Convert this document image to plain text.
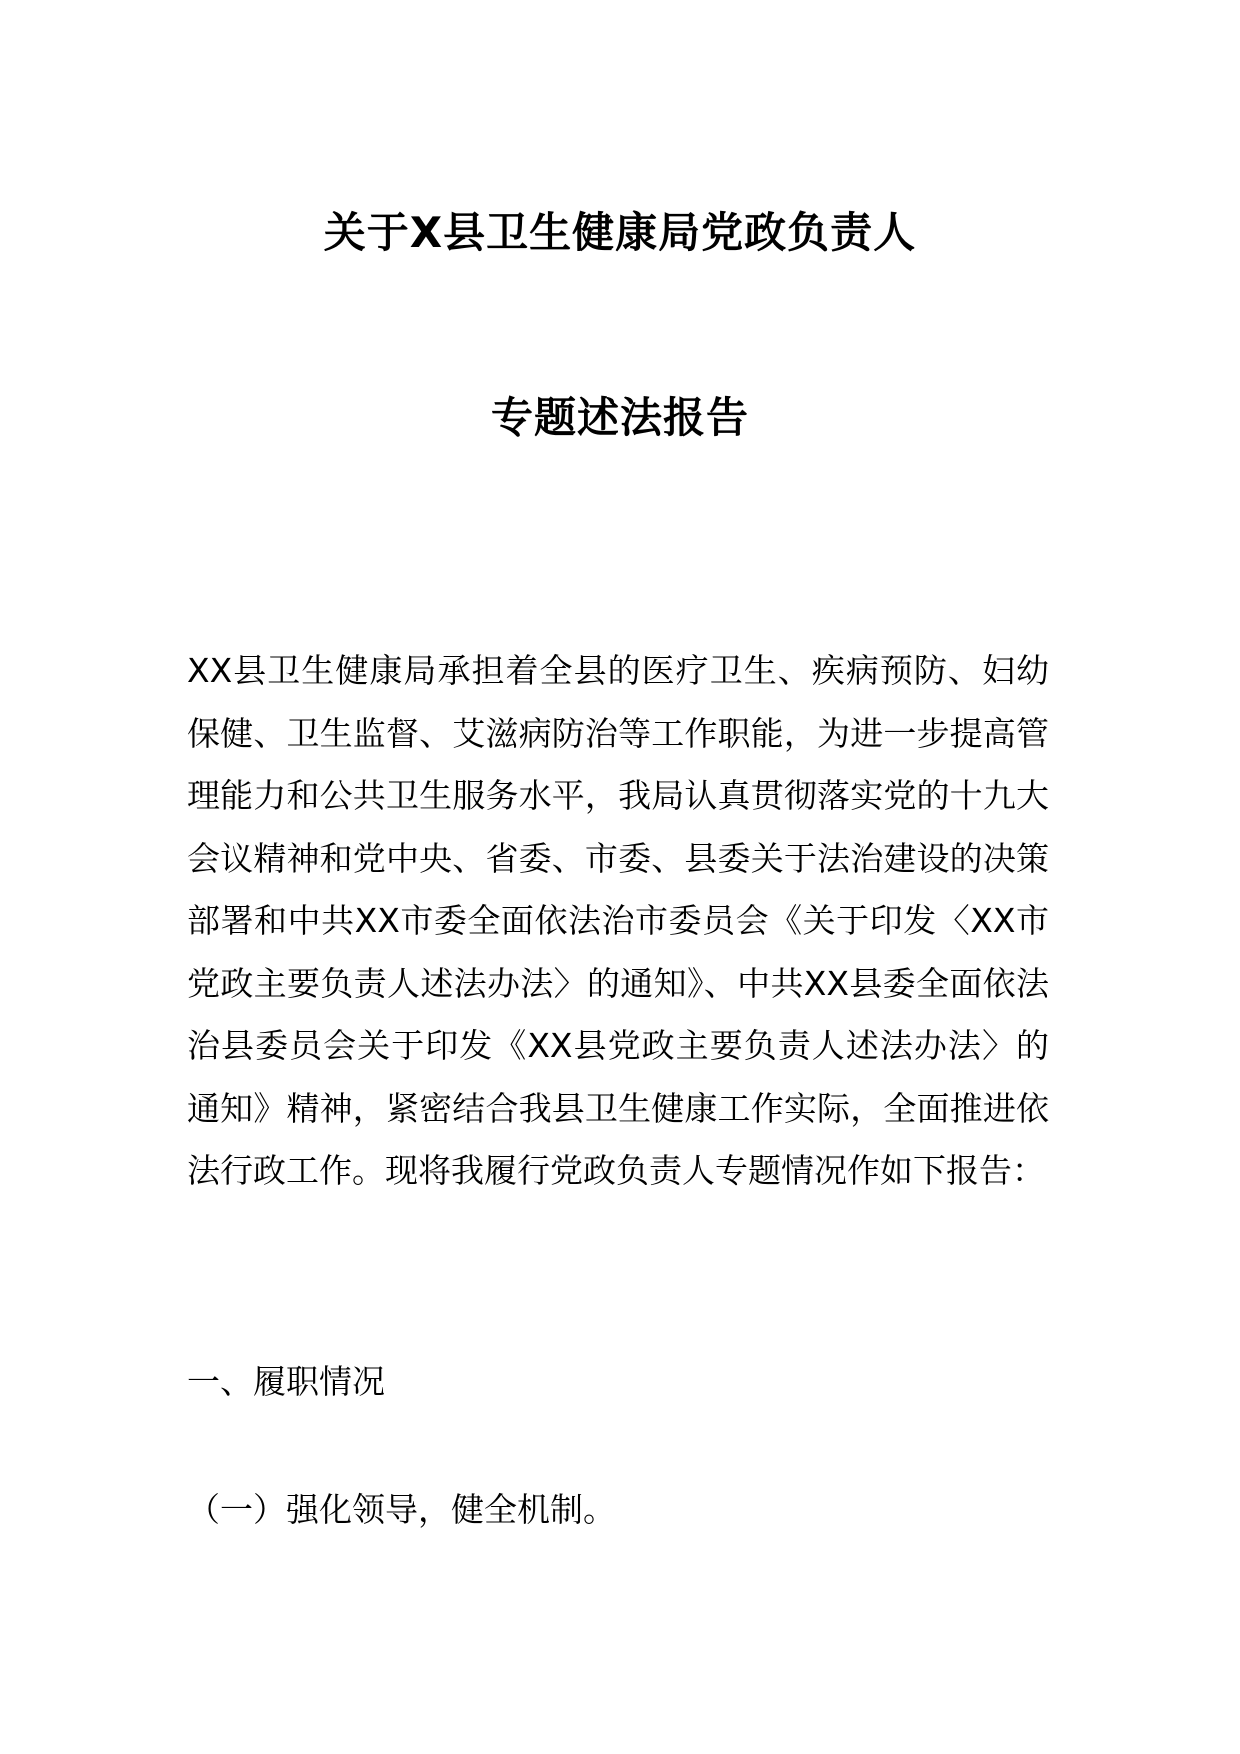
关于X县卫生健康局党政负责人
专题述法报告
XX县卫生健康局承担着全县的医疗卫生、疾病预防、妇幼保健、卫生监督、艾滋病防治等工作职能，为进一步提高管理能力和公共卫生服务水平，我局认真贯彻落实党的十九大会议精神和党中央、省委、市委、县委关于法治建设的决策部署和中共XX市委全面依法治市委员会《关于印发〈XX市党政主要负责人述法办法〉的通知》、中共XX县委全面依法治县委员会关于印发《XX县党政主要负责人述法办法〉的通知》精神，紧密结合我县卫生健康工作实际，全面推进依法行政工作。现将我履行党政负责人专题情况作如下报告：
一、履职情况
（一）强化领导，健全机制。
